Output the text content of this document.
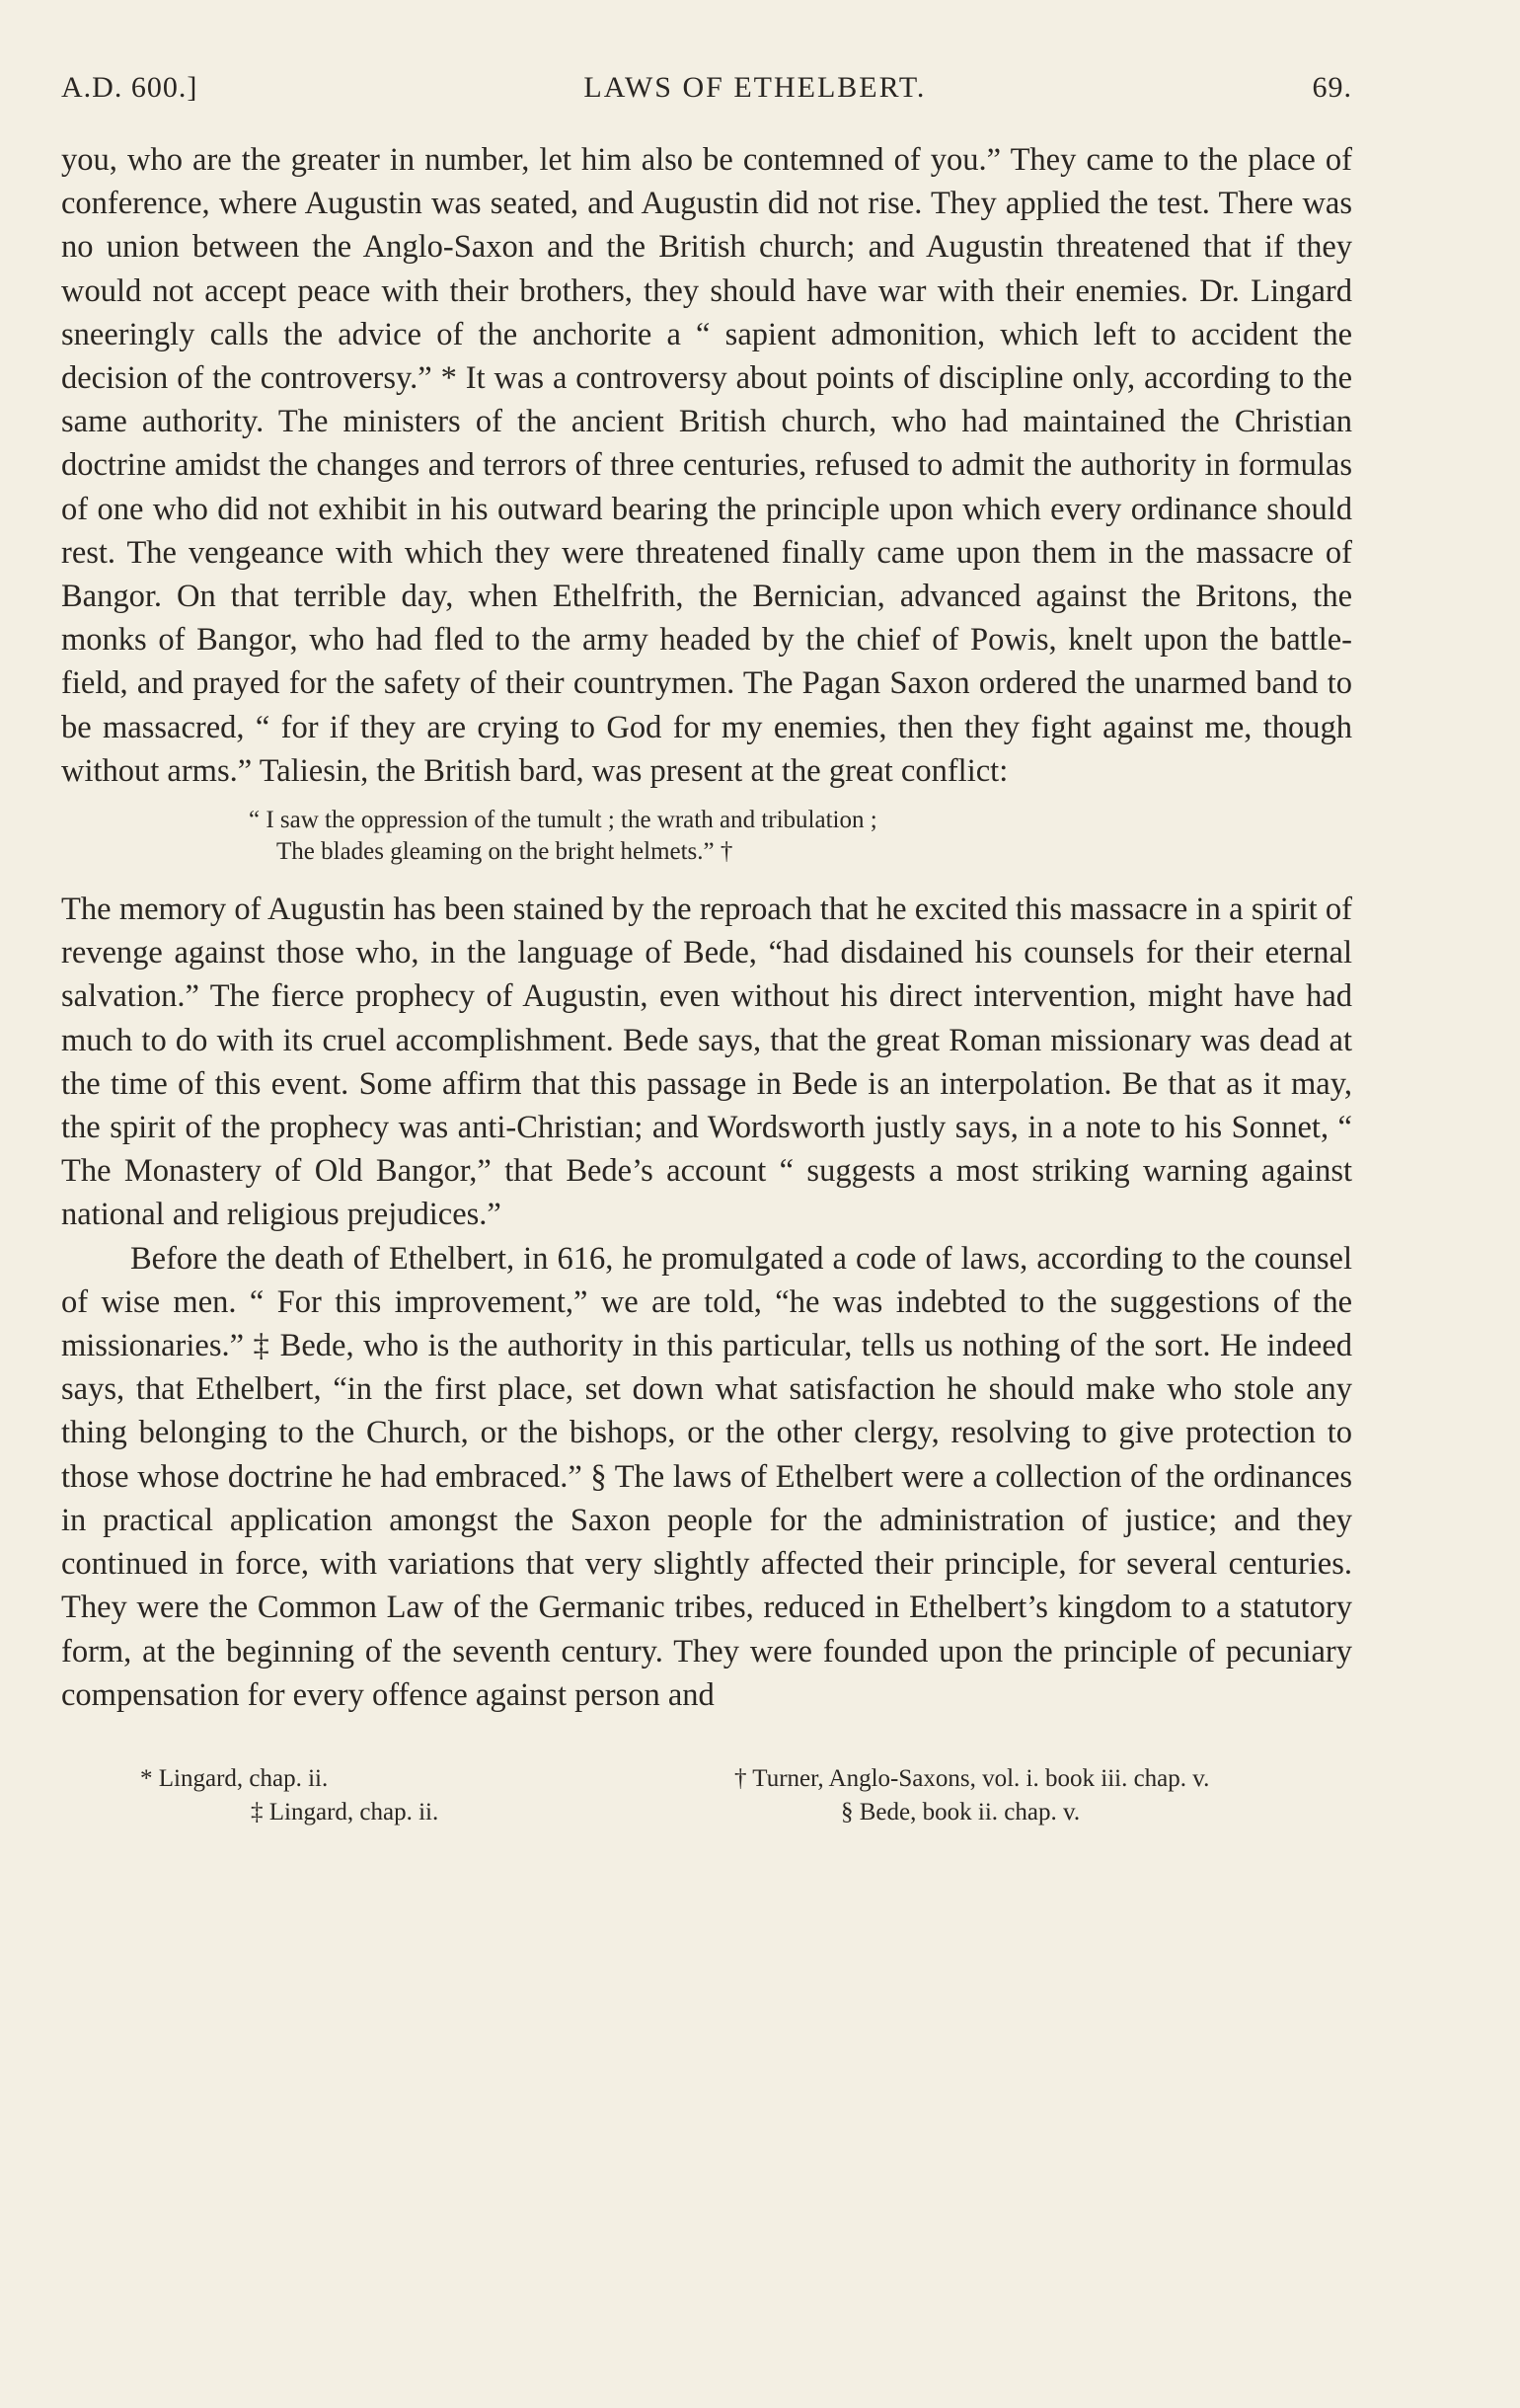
A.D. 600.]	LAWS OF ETHELBERT.	69.

you, who are the greater in number, let him also be contemned of you.” They came to the place of conference, where Augustin was seated, and Augustin did not rise. They applied the test. There was no union between the Anglo-Saxon and the British church; and Augustin threatened that if they would not accept peace with their brothers, they should have war with their enemies. Dr. Lingard sneeringly calls the advice of the anchorite a “ sapient admonition, which left to accident the decision of the controversy.” * It was a controversy about points of discipline only, according to the same authority. The ministers of the ancient British church, who had maintained the Christian doctrine amidst the changes and terrors of three centuries, refused to admit the authority in formulas of one who did not exhibit in his outward bearing the principle upon which every ordinance should rest. The vengeance with which they were threatened finally came upon them in the massacre of Bangor. On that terrible day, when Ethelfrith, the Bernician, advanced against the Britons, the monks of Bangor, who had fled to the army headed by the chief of Powis, knelt upon the battle-field, and prayed for the safety of their countrymen. The Pagan Saxon ordered the unarmed band to be massacred, “ for if they are crying to God for my enemies, then they fight against me, though without arms.” Taliesin, the British bard, was present at the great conflict:

“ I saw the oppression of the tumult ; the wrath and tribulation ;
The blades gleaming on the bright helmets.” †

The memory of Augustin has been stained by the reproach that he excited this massacre in a spirit of revenge against those who, in the language of Bede, “had disdained his counsels for their eternal salvation.” The fierce prophecy of Augustin, even without his direct intervention, might have had much to do with its cruel accomplishment. Bede says, that the great Roman missionary was dead at the time of this event. Some affirm that this passage in Bede is an interpolation. Be that as it may, the spirit of the prophecy was anti-Christian; and Wordsworth justly says, in a note to his Sonnet, “ The Monastery of Old Bangor,” that Bede’s account “ suggests a most striking warning against national and religious prejudices.”

Before the death of Ethelbert, in 616, he promulgated a code of laws, according to the counsel of wise men. “ For this improvement,” we are told, “he was indebted to the suggestions of the missionaries.” ‡ Bede, who is the authority in this particular, tells us nothing of the sort. He indeed says, that Ethelbert, “in the first place, set down what satisfaction he should make who stole any thing belonging to the Church, or the bishops, or the other clergy, resolving to give protection to those whose doctrine he had embraced.” § The laws of Ethelbert were a collection of the ordinances in practical application amongst the Saxon people for the administration of justice; and they continued in force, with variations that very slightly affected their principle, for several centuries. They were the Common Law of the Germanic tribes, reduced in Ethelbert’s kingdom to a statutory form, at the beginning of the seventh century. They were founded upon the principle of pecuniary compensation for every offence against person and

* Lingard, chap. ii.	† Turner, Anglo-Saxons, vol. i. book iii. chap. v.
‡ Lingard, chap. ii.	§ Bede, book ii. chap. v.
